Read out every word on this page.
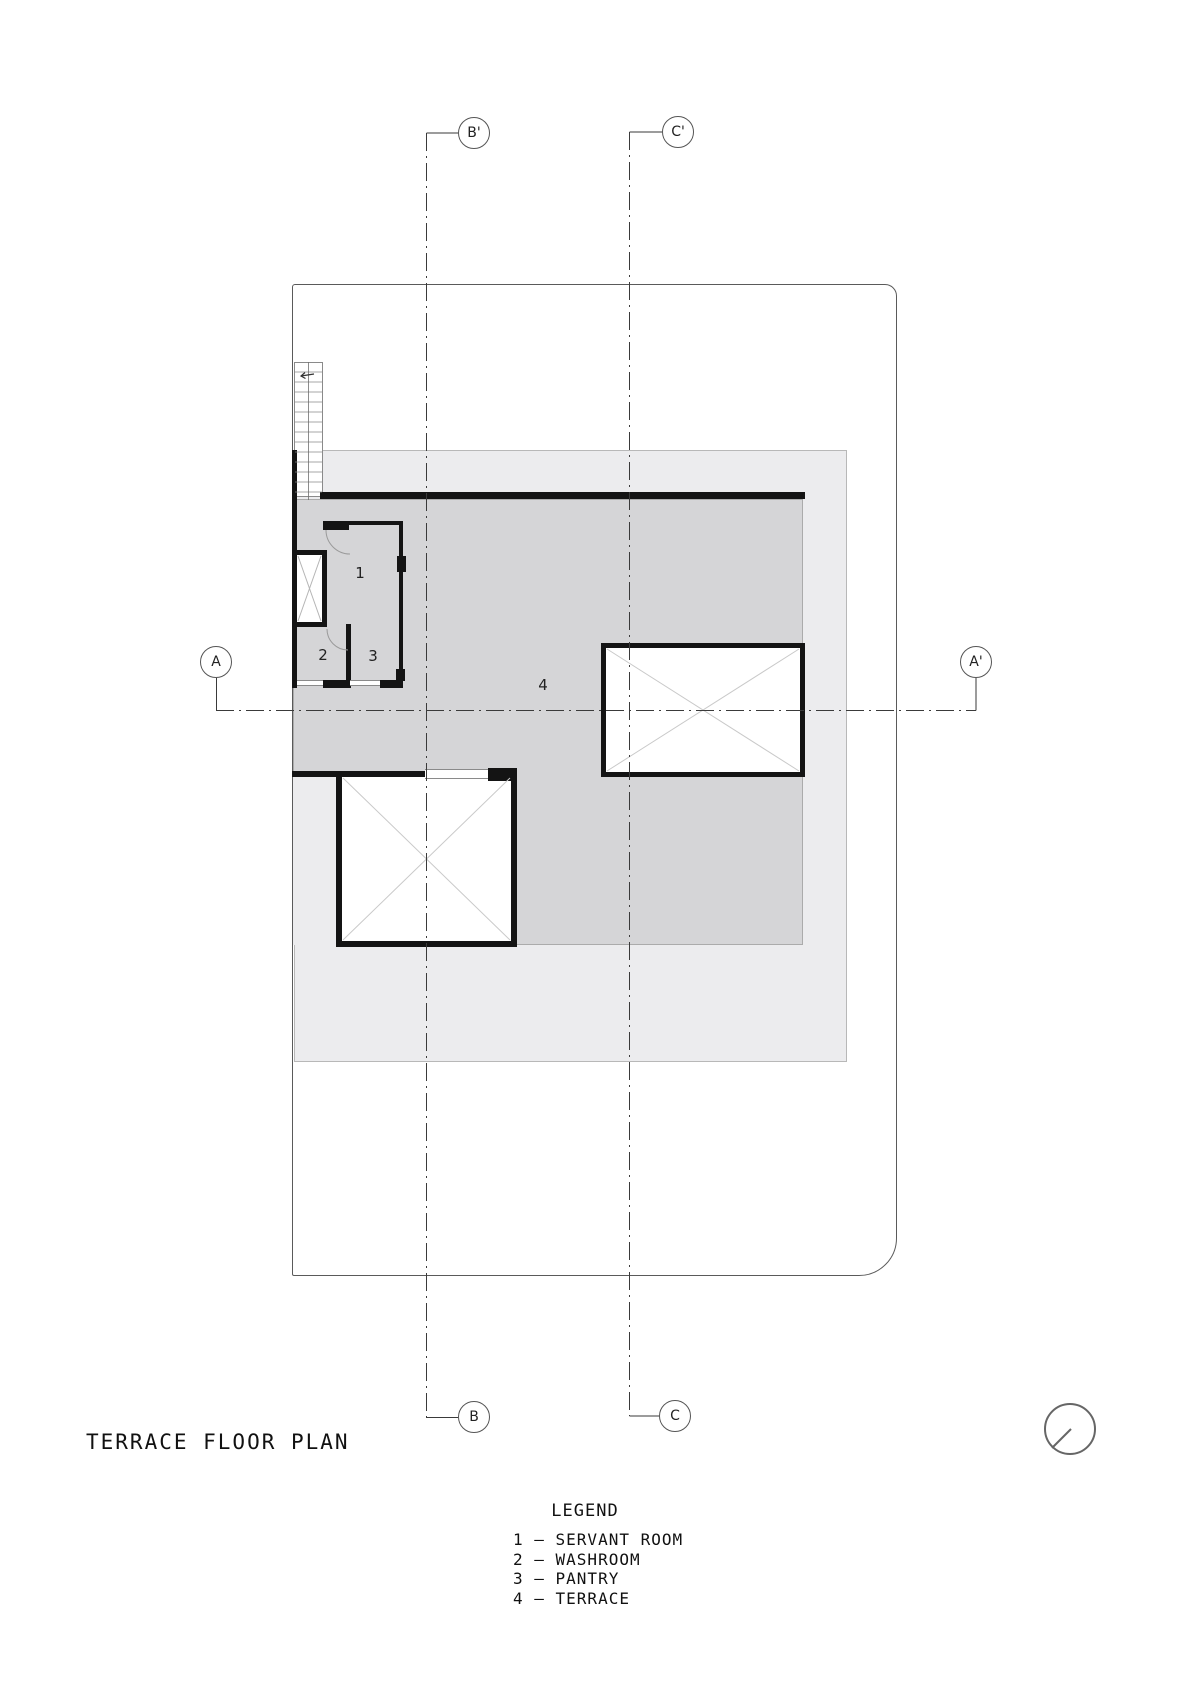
B'	C'
A	A'
B	C
1
2	3
4
TERRACE FLOOR PLAN
LEGEND
1 – SERVANT ROOM
2 – WASHROOM
3 – PANTRY
4 – TERRACE
